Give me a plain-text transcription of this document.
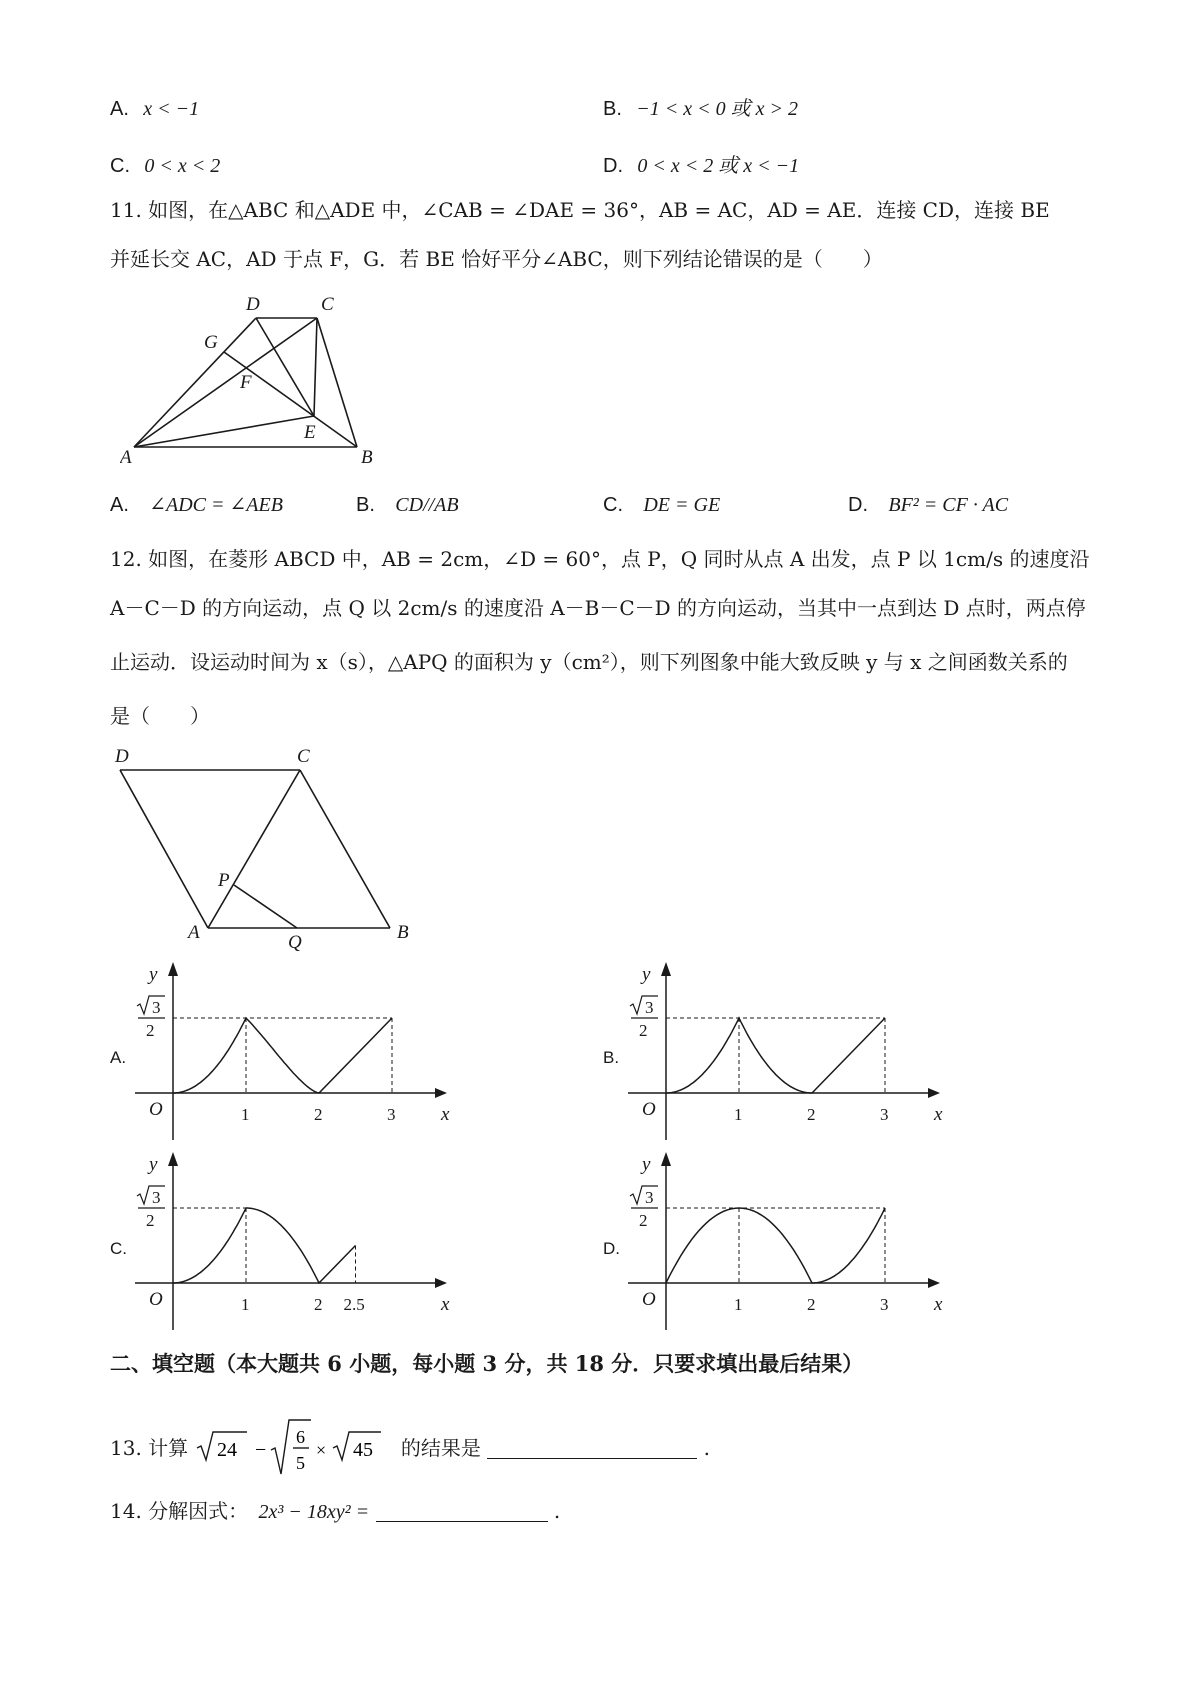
A. x < −1	B. −1 < x < 0 或 x > 2
C. 0 < x < 2	D. 0 < x < 2 或 x < −1
11. 如图，在△ABC 和△ADE 中，∠CAB = ∠DAE = 36°，AB = AC，AD = AE．连接 CD，连接 BE
并延长交 AC，AD 于点 F，G．若 BE 恰好平分∠ABC，则下列结论错误的是（　　）
D	C
G
F
E
A	B
A. ∠ADC = ∠AEB	B. CD//AB	C. DE = GE	D. BF² = CF · AC
12. 如图，在菱形 ABCD 中，AB = 2cm，∠D = 60°，点 P，Q 同时从点 A 出发，点 P 以 1cm/s 的速度沿
A－C－D 的方向运动，点 Q 以 2cm/s 的速度沿 A－B－C－D 的方向运动，当其中一点到达 D 点时，两点停
止运动．设运动时间为 x（s），△APQ 的面积为 y（cm²），则下列图象中能大致反映 y 与 x 之间函数关系的
是（　　）
D	C
P
A	Q	B
A.	B.
C.	D.
y
x
O
3
2
1	2	3
y
x
O
3
2
1	2	3
y
x
O
3
2
1	2 2.5
y
x
O
3
2
1	2	3
二、填空题（本大题共 6 小题，每小题 3 分，共 18 分．只要求填出最后结果）
13. 计算 24 −
6
5
× 45 的结果是	.
14. 分解因式： 2x³ − 18xy² =	.
